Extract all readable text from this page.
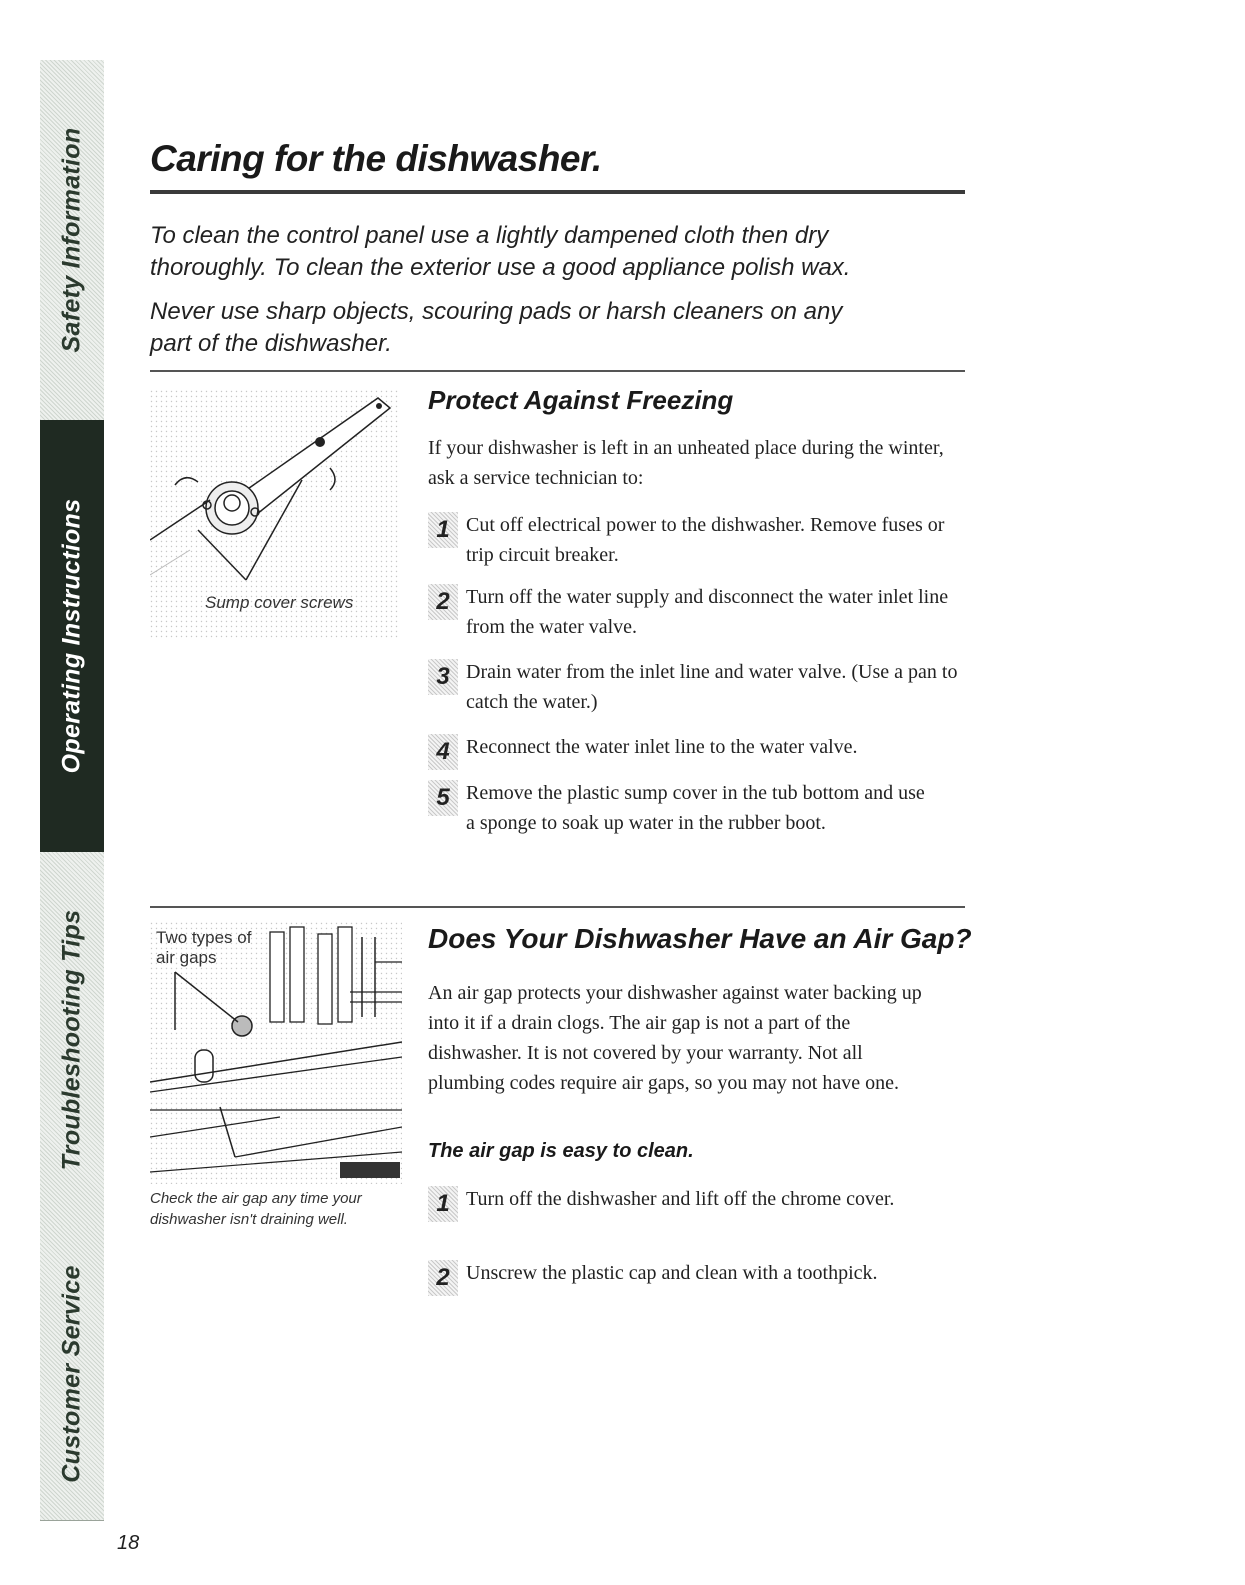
Safety Information
Operating Instructions
Troubleshooting Tips
Customer Service
Caring for the dishwasher.

To clean the control panel use a lightly dampened cloth then dry thoroughly. To clean the exterior use a good appliance polish wax.

Never use sharp objects, scouring pads or harsh cleaners on any part of the dishwasher.

Sump cover screws
Protect Against Freezing

If your dishwasher is left in an unheated place during the winter, ask a service technician to:

1 Cut off electrical power to the dishwasher. Remove fuses or trip circuit breaker.

2 Turn off the water supply and disconnect the water inlet line from the water valve.

3 Drain water from the inlet line and water valve. (Use a pan to catch the water.)

4 Reconnect the water inlet line to the water valve.

5 Remove the plastic sump cover in the tub bottom and use a sponge to soak up water in the rubber boot.

Two types of air gaps
Check the air gap any time your dishwasher isn't draining well.
Does Your Dishwasher Have an Air Gap?

An air gap protects your dishwasher against water backing up into it if a drain clogs. The air gap is not a part of the dishwasher. It is not covered by your warranty. Not all plumbing codes require air gaps, so you may not have one.

The air gap is easy to clean.
1 Turn off the dishwasher and lift off the chrome cover.

2 Unscrew the plastic cap and clean with a toothpick.

18
